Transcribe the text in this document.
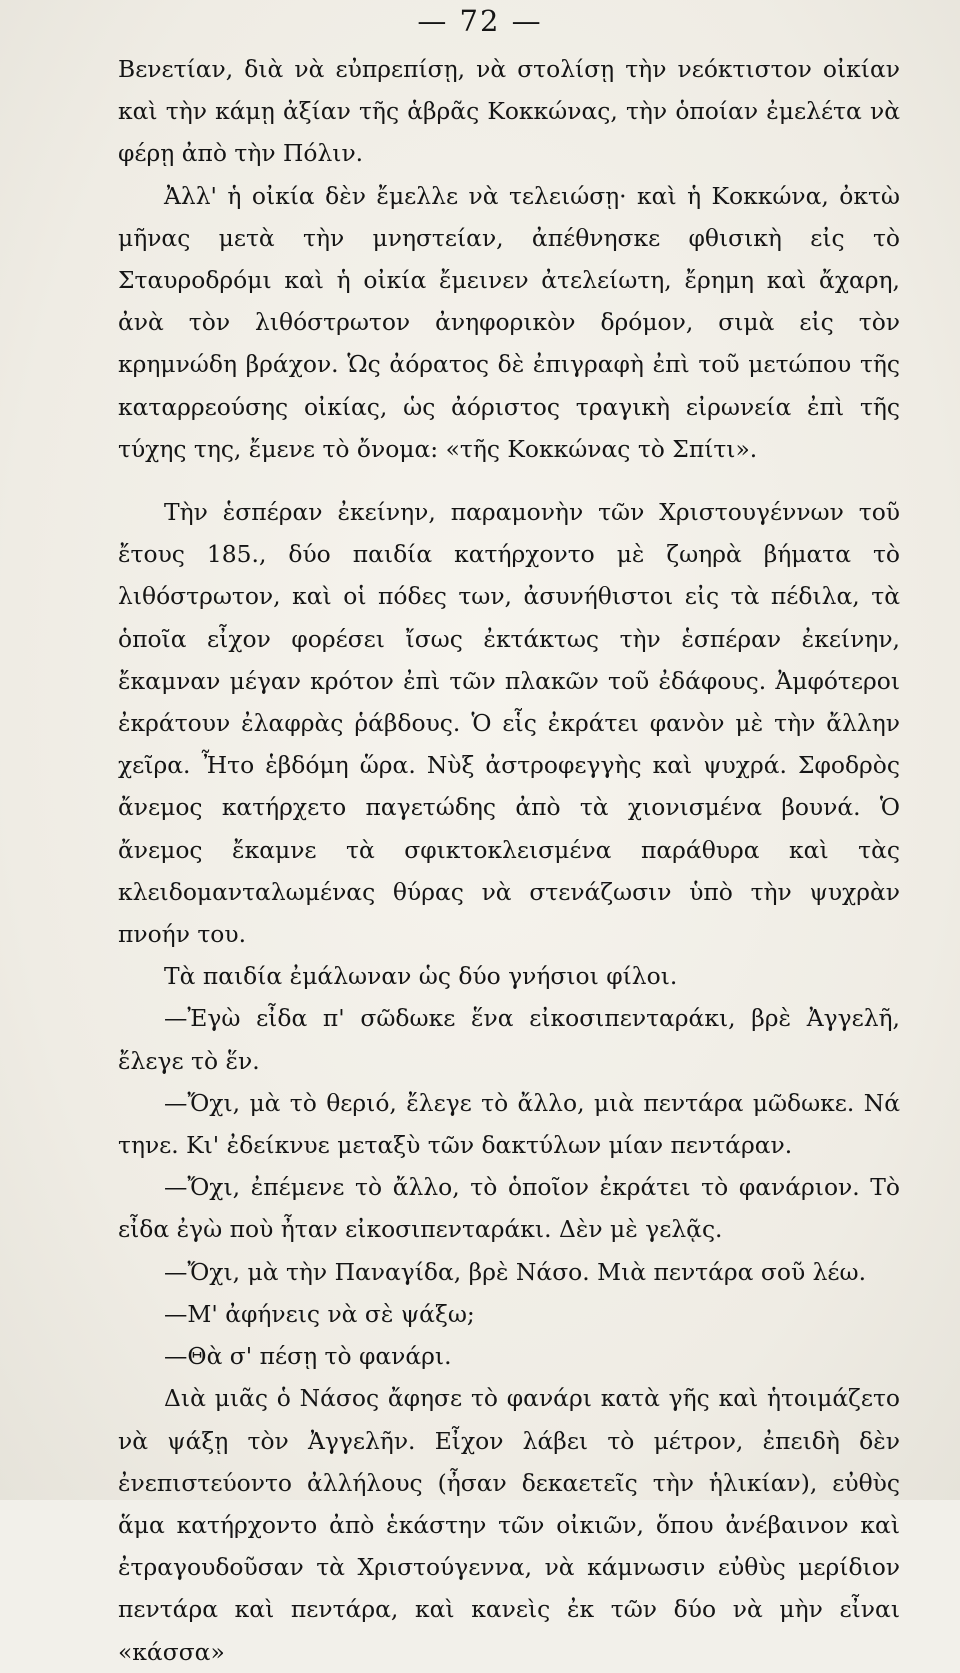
— 72 —

Βενετίαν, διὰ νὰ εὐπρεπίσῃ, νὰ στολίσῃ τὴν νεόκτιστον οἰκίαν καὶ τὴν κάμῃ ἀξίαν τῆς ἁβρᾶς Κοκκώνας, τὴν ὁποίαν ἐμελέτα νὰ φέρῃ ἀπὸ τὴν Πόλιν.

Ἀλλ' ἡ οἰκία δὲν ἔμελλε νὰ τελειώσῃ· καὶ ἡ Κοκκώνα, ὀκτὼ μῆνας μετὰ τὴν μνηστείαν, ἀπέθνησκε φθισικὴ εἰς τὸ Σταυροδρόμι καὶ ἡ οἰκία ἔμεινεν ἀτελείωτη, ἔρημη καὶ ἄχαρη, ἀνὰ τὸν λιθόστρωτον ἀνηφορικὸν δρόμον, σιμὰ εἰς τὸν κρημνώδη βράχον. Ὡς ἀόρατος δὲ ἐπιγραφὴ ἐπὶ τοῦ μετώπου τῆς καταρρεούσης οἰκίας, ὡς ἀόριστος τραγικὴ εἰρωνεία ἐπὶ τῆς τύχης της, ἔμενε τὸ ὄνομα: «τῆς Κοκκώνας τὸ Σπίτι».

Τὴν ἑσπέραν ἐκείνην, παραμονὴν τῶν Χριστουγέννων τοῦ ἔτους 185., δύο παιδία κατήρχοντο μὲ ζωηρὰ βήματα τὸ λιθόστρωτον, καὶ οἱ πόδες των, ἀσυνήθιστοι εἰς τὰ πέδιλα, τὰ ὁποῖα εἶχον φορέσει ἴσως ἐκτάκτως τὴν ἑσπέραν ἐκείνην, ἔκαμναν μέγαν κρότον ἐπὶ τῶν πλακῶν τοῦ ἐδάφους. Ἀμφότεροι ἐκράτουν ἐλαφρὰς ῥάβδους. Ὁ εἷς ἐκράτει φανὸν μὲ τὴν ἄλλην χεῖρα. Ἦτο ἑβδόμη ὥρα. Νὺξ ἀστροφεγγὴς καὶ ψυχρά. Σφοδρὸς ἄνεμος κατήρχετο παγετώδης ἀπὸ τὰ χιονισμένα βουνά. Ὁ ἄνεμος ἔκαμνε τὰ σφικτοκλεισμένα παράθυρα καὶ τὰς κλειδομανταλωμένας θύρας νὰ στενάζωσιν ὑπὸ τὴν ψυχρὰν πνοήν του.

Τὰ παιδία ἐμάλωναν ὡς δύο γνήσιοι φίλοι.

—Ἐγὼ εἶδα π' σῶδωκε ἕνα εἰκοσιπενταράκι, βρὲ Ἀγγελῆ, ἔλεγε τὸ ἕν.

—Ὄχι, μὰ τὸ θεριό, ἔλεγε τὸ ἄλλο, μιὰ πεντάρα μῶδωκε. Νά τηνε. Κι' ἐδείκνυε μεταξὺ τῶν δακτύλων μίαν πεντάραν.

—Ὄχι, ἐπέμενε τὸ ἄλλο, τὸ ὁποῖον ἐκράτει τὸ φανάριον. Τὸ εἶδα ἐγὼ ποὺ ἦταν εἰκοσιπενταράκι. Δὲν μὲ γελᾷς.

—Ὄχι, μὰ τὴν Παναγίδα, βρὲ Νάσο. Μιὰ πεντάρα σοῦ λέω.

—Μ' ἀφήνεις νὰ σὲ ψάξω;

—Θὰ σ' πέσῃ τὸ φανάρι.

Διὰ μιᾶς ὁ Νάσος ἄφησε τὸ φανάρι κατὰ γῆς καὶ ἡτοιμάζετο νὰ ψάξῃ τὸν Ἀγγελῆν. Εἶχον λάβει τὸ μέτρον, ἐπειδὴ δὲν ἐνεπιστεύοντο ἀλλήλους (ἦσαν δεκαετεῖς τὴν ἡλικίαν), εὐθὺς ἅμα κατήρχοντο ἀπὸ ἑκάστην τῶν οἰκιῶν, ὅπου ἀνέβαινον καὶ ἐτραγουδοῦσαν τὰ Χριστούγεννα, νὰ κάμνωσιν εὐθὺς μερίδιον πεντάρα καὶ πεντάρα, καὶ κανεὶς ἐκ τῶν δύο νὰ μὴν εἶναι «κάσσα»
